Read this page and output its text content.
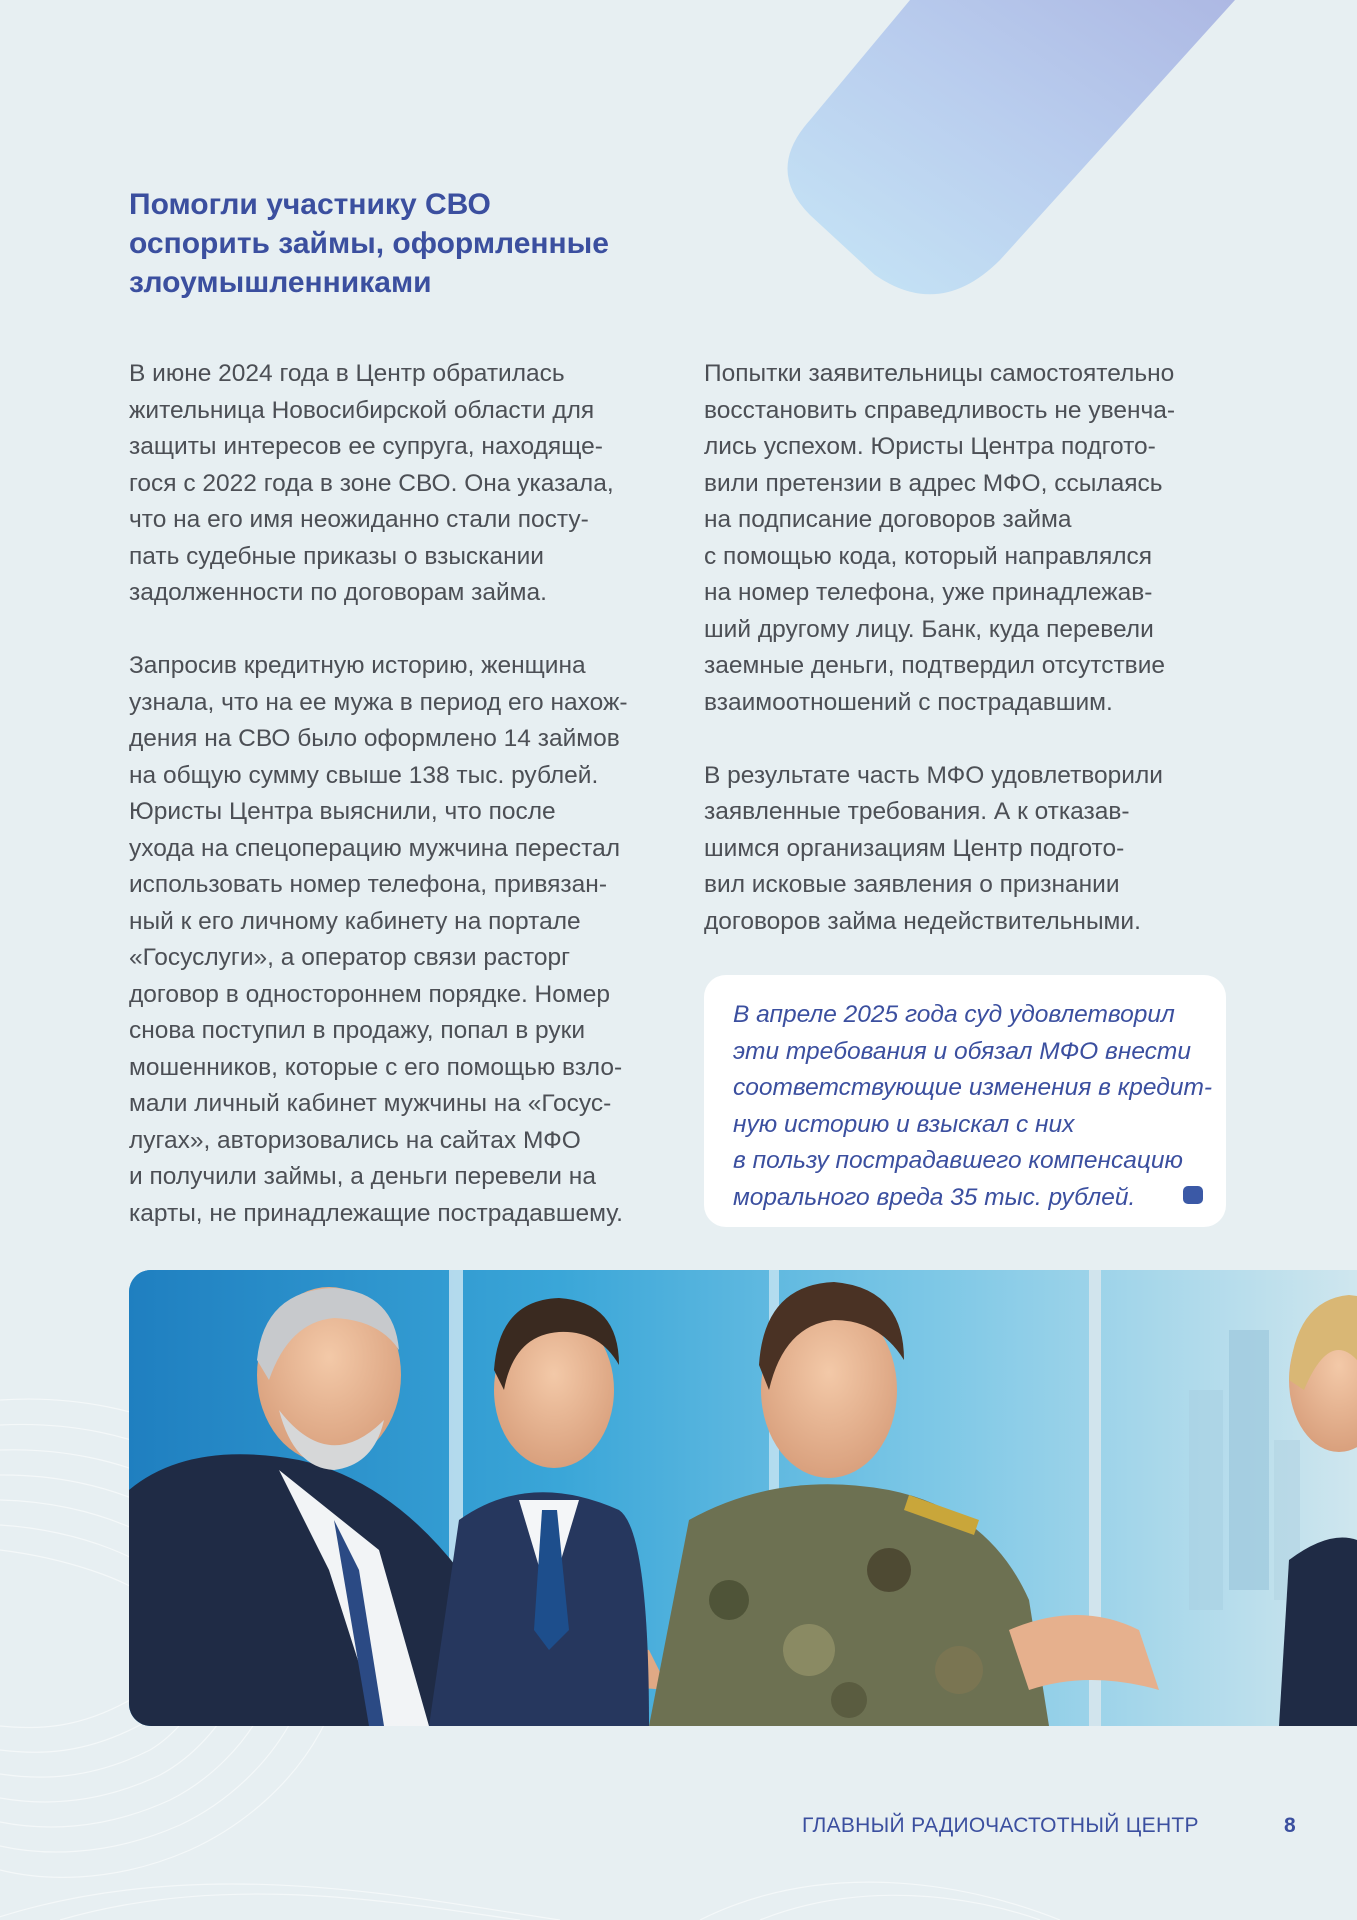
Помогли участнику СВО
оспорить займы, оформленные
злоумышленниками

В июне 2024 года в Центр обратилась
жительница Новосибирской области для
защиты интересов ее супруга, находяще-
гося с 2022 года в зоне СВО. Она указала,
что на его имя неожиданно стали посту-
пать судебные приказы о взыскании
задолженности по договорам займа.

Запросив кредитную историю, женщина
узнала, что на ее мужа в период его нахож-
дения на СВО было оформлено 14 займов
на общую сумму свыше 138 тыс. рублей.
Юристы Центра выяснили, что после
ухода на спецоперацию мужчина перестал
использовать номер телефона, привязан-
ный к его личному кабинету на портале
«Госуслуги», а оператор связи расторг
договор в одностороннем порядке. Номер
снова поступил в продажу, попал в руки
мошенников, которые с его помощью взло-
мали личный кабинет мужчины на «Госус-
лугах», авторизовались на сайтах МФО
и получили займы, а деньги перевели на
карты, не принадлежащие пострадавшему.

Попытки заявительницы самостоятельно
восстановить справедливость не увенча-
лись успехом. Юристы Центра подгото-
вили претензии в адрес МФО, ссылаясь
на подписание договоров займа
с помощью кода, который направлялся
на номер телефона, уже принадлежав-
ший другому лицу. Банк, куда перевели
заемные деньги, подтвердил отсутствие
взаимоотношений с пострадавшим.

В результате часть МФО удовлетворили
заявленные требования. А к отказав-
шимся организациям Центр подгото-
вил исковые заявления о признании
договоров займа недействительными.

В апреле 2025 года суд удовлетворил
эти требования и обязал МФО внести
соответствующие изменения в кредит-
ную историю и взыскал с них
в пользу пострадавшего компенсацию
морального вреда 35 тыс. рублей.

ГЛАВНЫЙ РАДИОЧАСТОТНЫЙ ЦЕНТР	8
